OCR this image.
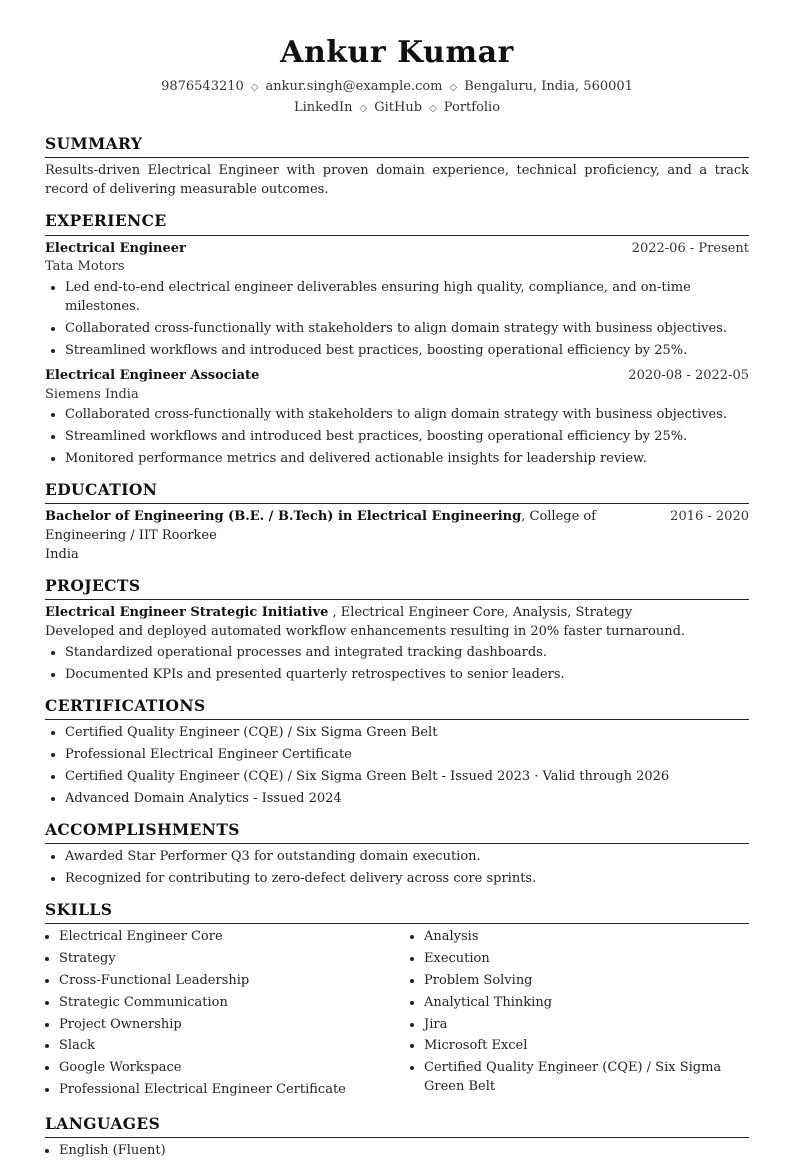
Ankur Kumar
9876543210 ◇ ankur.singh@example.com ◇ Bengaluru, India, 560001
LinkedIn ◇ GitHub ◇ Portfolio
SUMMARY
Results-driven Electrical Engineer with proven domain experience, technical proficiency, and a track record of delivering measurable outcomes.
EXPERIENCE
Electrical Engineer	2022-06 - Present
Tata Motors
• Led end-to-end electrical engineer deliverables ensuring high quality, compliance, and on-time milestones.
• Collaborated cross-functionally with stakeholders to align domain strategy with business objectives.
• Streamlined workflows and introduced best practices, boosting operational efficiency by 25%.
Electrical Engineer Associate	2020-08 - 2022-05
Siemens India
• Collaborated cross-functionally with stakeholders to align domain strategy with business objectives.
• Streamlined workflows and introduced best practices, boosting operational efficiency by 25%.
• Monitored performance metrics and delivered actionable insights for leadership review.
EDUCATION
Bachelor of Engineering (B.E. / B.Tech) in Electrical Engineering, College of Engineering / IIT Roorkee
India
2016 - 2020
PROJECTS
Electrical Engineer Strategic Initiative , Electrical Engineer Core, Analysis, Strategy
Developed and deployed automated workflow enhancements resulting in 20% faster turnaround.
• Standardized operational processes and integrated tracking dashboards.
• Documented KPIs and presented quarterly retrospectives to senior leaders.
CERTIFICATIONS
• Certified Quality Engineer (CQE) / Six Sigma Green Belt
• Professional Electrical Engineer Certificate
• Certified Quality Engineer (CQE) / Six Sigma Green Belt - Issued 2023 · Valid through 2026
• Advanced Domain Analytics - Issued 2024
ACCOMPLISHMENTS
• Awarded Star Performer Q3 for outstanding domain execution.
• Recognized for contributing to zero-defect delivery across core sprints.
SKILLS
• Electrical Engineer Core
• Strategy
• Cross-Functional Leadership
• Strategic Communication
• Project Ownership
• Slack
• Google Workspace
• Professional Electrical Engineer Certificate
• Analysis
• Execution
• Problem Solving
• Analytical Thinking
• Jira
• Microsoft Excel
• Certified Quality Engineer (CQE) / Six Sigma Green Belt
LANGUAGES
• English (Fluent)
